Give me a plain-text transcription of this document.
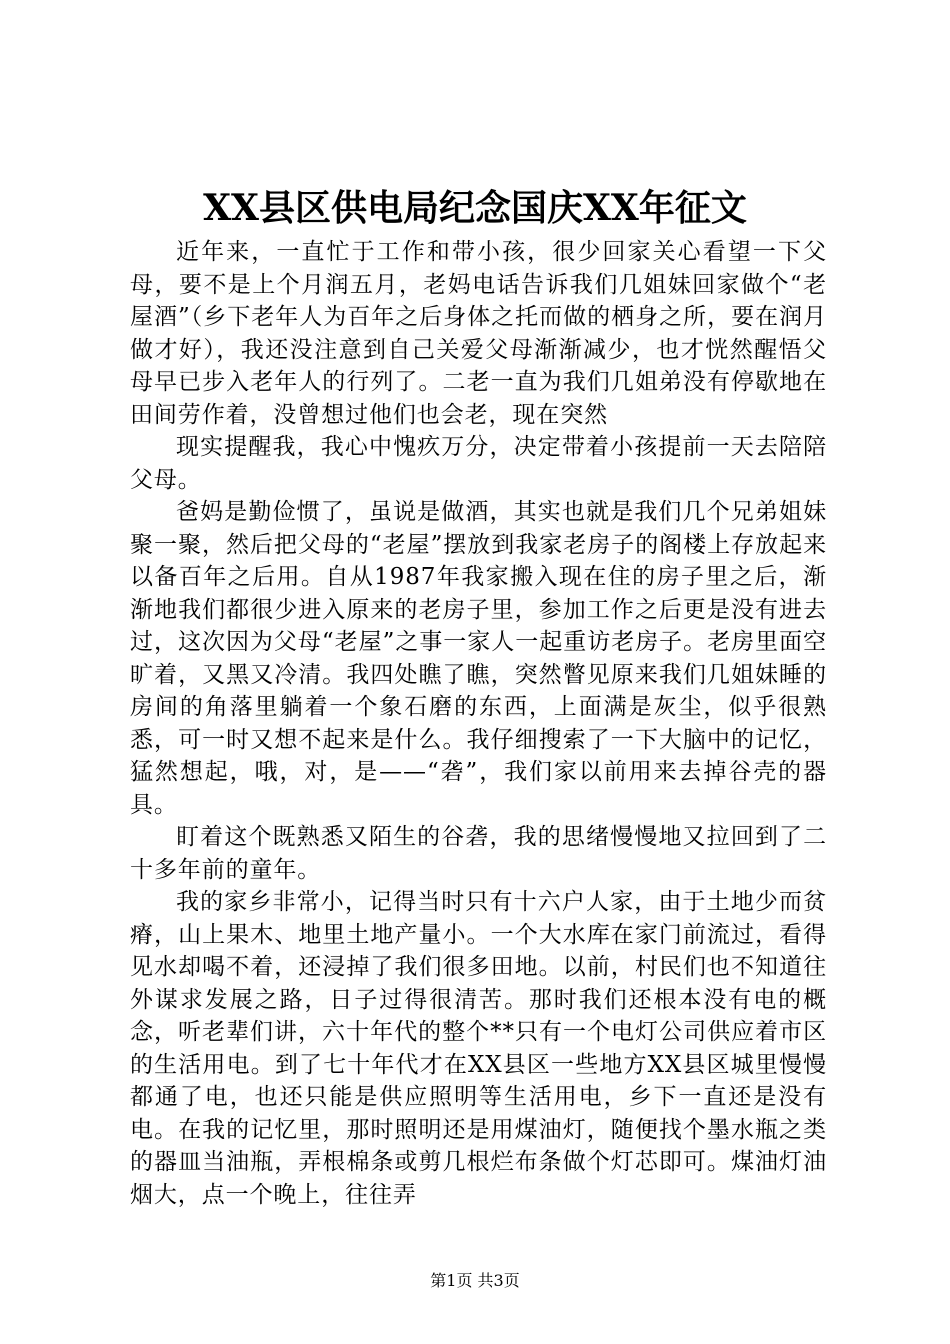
XX县区供电局纪念国庆XX年征文

近年来，一直忙于工作和带小孩，很少回家关心看望一下父母，要不是上个月润五月，老妈电话告诉我们几姐妹回家做个“老屋酒”（乡下老年人为百年之后身体之托而做的栖身之所，要在润月做才好），我还没注意到自己关爱父母渐渐减少，也才恍然醒悟父母早已步入老年人的行列了。二老一直为我们几姐弟没有停歇地在田间劳作着，没曾想过他们也会老，现在突然

现实提醒我，我心中愧疚万分，决定带着小孩提前一天去陪陪父母。

爸妈是勤俭惯了，虽说是做酒，其实也就是我们几个兄弟姐妹聚一聚，然后把父母的“老屋”摆放到我家老房子的阁楼上存放起来以备百年之后用。自从1987年我家搬入现在住的房子里之后，渐渐地我们都很少进入原来的老房子里，参加工作之后更是没有进去过，这次因为父母“老屋”之事一家人一起重访老房子。老房里面空旷着，又黑又冷清。我四处瞧了瞧，突然瞥见原来我们几姐妹睡的房间的角落里躺着一个象石磨的东西，上面满是灰尘，似乎很熟悉，可一时又想不起来是什么。我仔细搜索了一下大脑中的记忆，猛然想起，哦，对，是——“砻”，我们家以前用来去掉谷壳的器具。

盯着这个既熟悉又陌生的谷砻，我的思绪慢慢地又拉回到了二十多年前的童年。

我的家乡非常小，记得当时只有十六户人家，由于土地少而贫瘠，山上果木、地里土地产量小。一个大水库在家门前流过，看得见水却喝不着，还浸掉了我们很多田地。以前，村民们也不知道往外谋求发展之路，日子过得很清苦。那时我们还根本没有电的概念，听老辈们讲，六十年代的整个**只有一个电灯公司供应着市区的生活用电。到了七十年代才在XX县区一些地方XX县区城里慢慢都通了电，也还只能是供应照明等生活用电，乡下一直还是没有电。在我的记忆里，那时照明还是用煤油灯，随便找个墨水瓶之类的器皿当油瓶，弄根棉条或剪几根烂布条做个灯芯即可。煤油灯油烟大，点一个晚上，往往弄

第1页 共3页
